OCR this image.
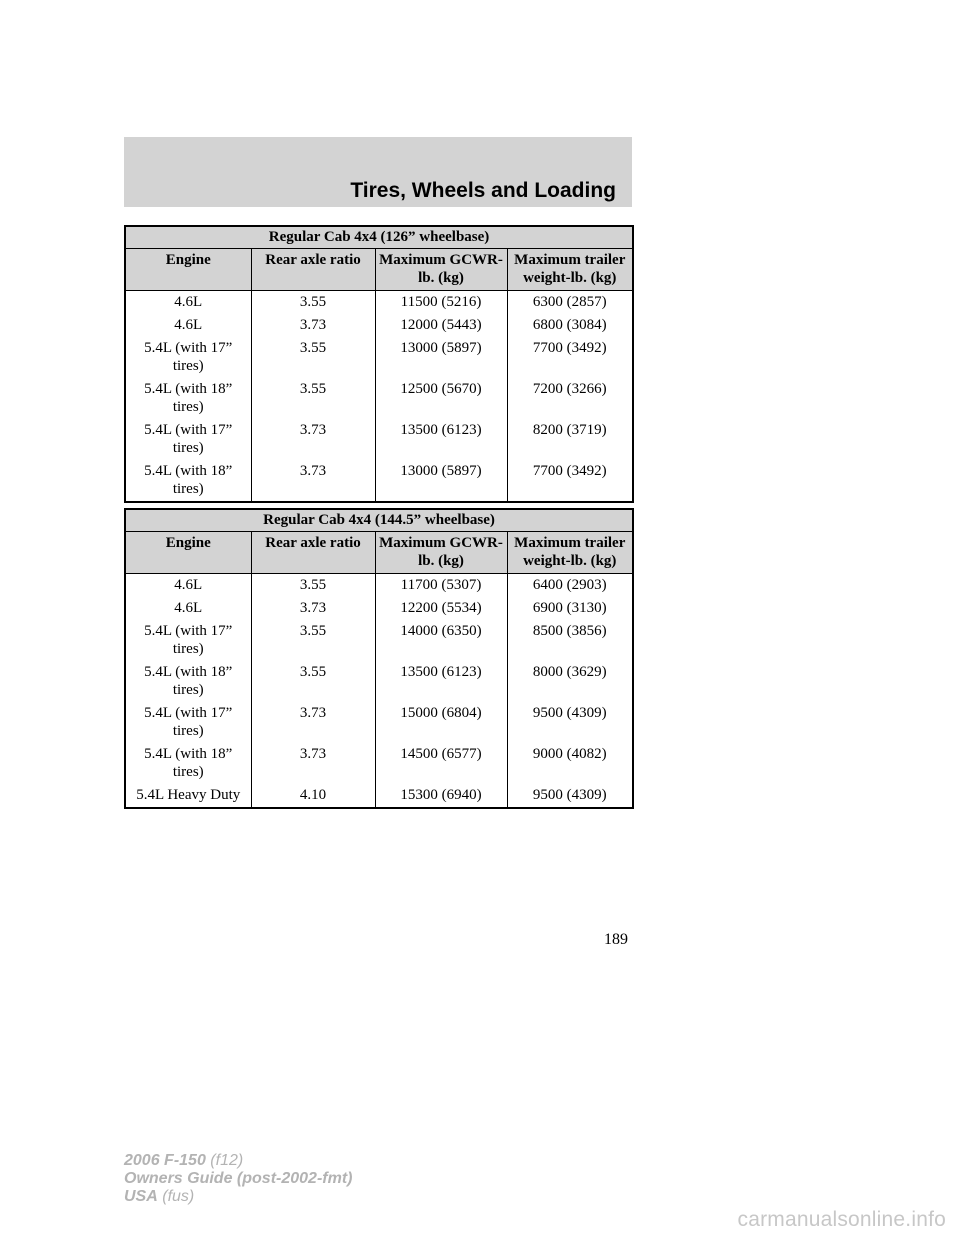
Tires, Wheels and Loading
Regular Cab 4x4 (126” wheelbase)			
Engine	Rear axle ratio	Maximum GCWR-lb. (kg)	Maximum trailer weight-lb. (kg)
4.6L	3.55	11500 (5216)	6300 (2857)
4.6L	3.73	12000 (5443)	6800 (3084)
5.4L (with 17” tires)	3.55	13000 (5897)	7700 (3492)
5.4L (with 18” tires)	3.55	12500 (5670)	7200 (3266)
5.4L (with 17” tires)	3.73	13500 (6123)	8200 (3719)
5.4L (with 18” tires)	3.73	13000 (5897)	7700 (3492)
Regular Cab 4x4 (144.5” wheelbase)			
Engine	Rear axle ratio	Maximum GCWR-lb. (kg)	Maximum trailer weight-lb. (kg)
4.6L	3.55	11700 (5307)	6400 (2903)
4.6L	3.73	12200 (5534)	6900 (3130)
5.4L (with 17” tires)	3.55	14000 (6350)	8500 (3856)
5.4L (with 18” tires)	3.55	13500 (6123)	8000 (3629)
5.4L (with 17” tires)	3.73	15000 (6804)	9500 (4309)
5.4L (with 18” tires)	3.73	14500 (6577)	9000 (4082)
5.4L Heavy Duty	4.10	15300 (6940)	9500 (4309)
189
2006 F-150 (f12)
Owners Guide (post-2002-fmt)
USA (fus)
carmanualsonline.info
